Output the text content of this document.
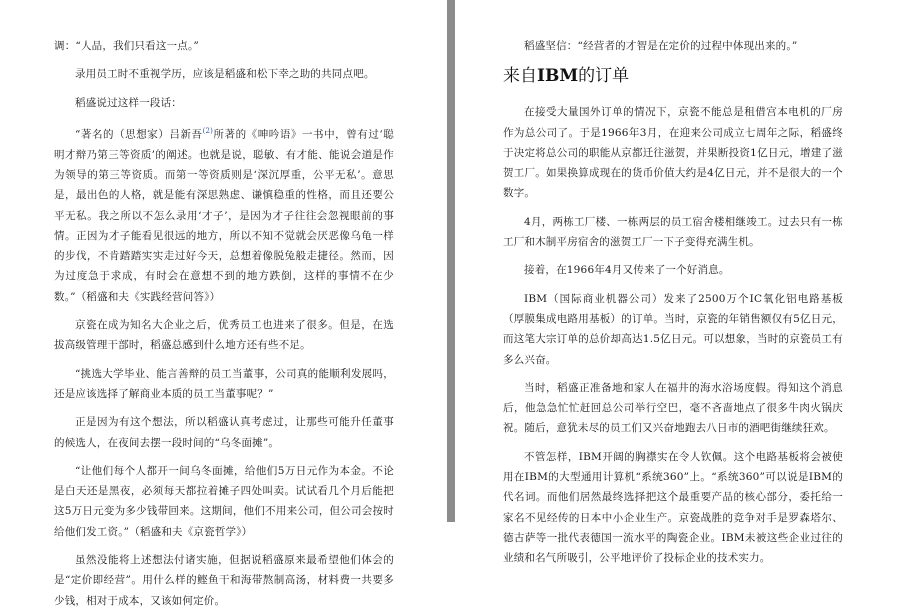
调：“人品，我们只看这一点。”

录用员工时不重视学历，应该是稻盛和松下幸之助的共同点吧。

稻盛说过这样一段话：

“著名的（思想家）吕新吾$^{(2)}$所著的《呻吟语》一书中，曾有过‘聪明才辩乃第三等资质’的阐述。也就是说，聪敏、有才能、能说会道是作为领导的第三等资质。而第一等资质则是‘深沉厚重，公平无私’。意思是，最出色的人格，就是能有深思熟虑、谦慎稳重的性格，而且还要公平无私。我之所以不怎么录用‘才子’，是因为才子往往会忽视眼前的事情。正因为才子能看见很远的地方，所以不知不觉就会厌恶像乌龟一样的步伐，不肯踏踏实实走过好今天，总想着像脱兔般走捷径。然而，因为过度急于求成，有时会在意想不到的地方跌倒，这样的事情不在少数。”（稻盛和夫《实践经营问答》）

京瓷在成为知名大企业之后，优秀员工也进来了很多。但是，在选拔高级管理干部时，稻盛总感到什么地方还有些不足。

“挑选大学毕业、能言善辩的员工当董事，公司真的能顺利发展吗，还是应该选择了解商业本质的员工当董事呢？”

正是因为有这个想法，所以稻盛认真考虑过，让那些可能升任董事的候选人，在夜间去摆一段时间的“乌冬面摊”。

“让他们每个人都开一间乌冬面摊，给他们5万日元作为本金。不论是白天还是黑夜，必须每天都拉着摊子四处叫卖。试试看几个月后能把这5万日元变为多少钱带回来。这期间，他们不用来公司，但公司会按时给他们发工资。”（稻盛和夫《京瓷哲学》）

虽然没能将上述想法付诸实施，但据说稻盛原来最希望他们体会的是“定价即经营”。用什么样的鲣鱼干和海带熬制高汤，材料费一共要多少钱，相对于成本，又该如何定价。

稻盛坚信：“经营者的才智是在定价的过程中体现出来的。”

来自IBM的订单

在接受大量国外订单的情况下，京瓷不能总是租借宫本电机的厂房作为总公司了。于是1966年3月，在迎来公司成立七周年之际，稻盛终于决定将总公司的职能从京都迁往滋贺，并果断投资1亿日元，增建了滋贺工厂。如果换算成现在的货币价值大约是4亿日元，并不是很大的一个数字。

4月，两栋工厂楼、一栋两层的员工宿舍楼相继竣工。过去只有一栋工厂和木制平房宿舍的滋贺工厂一下子变得充满生机。

接着，在1966年4月又传来了一个好消息。

IBM（国际商业机器公司）发来了2500万个IC氧化铝电路基板（厚膜集成电路用基板）的订单。当时，京瓷的年销售额仅有5亿日元，而这笔大宗订单的总价却高达1.5亿日元。可以想象，当时的京瓷员工有多么兴奋。

当时，稻盛正准备地和家人在福井的海水浴场度假。得知这个消息后，他急急忙忙赶回总公司举行空巴，毫不吝啬地点了很多牛肉火锅庆祝。随后，意犹未尽的员工们又兴奋地跑去八日市的酒吧街继续狂欢。

不管怎样，IBM开阔的胸襟实在令人钦佩。这个电路基板将会被使用在IBM的大型通用计算机“系统360”上。“系统360”可以说是IBM的代名词。而他们居然最终选择把这个最重要产品的核心部分，委托给一家名不见经传的日本中小企业生产。京瓷战胜的竞争对手是罗森塔尔、德古萨等一批代表德国一流水平的陶瓷企业。IBM未被这些企业过往的业绩和名气所吸引，公平地评价了投标企业的技术实力。
